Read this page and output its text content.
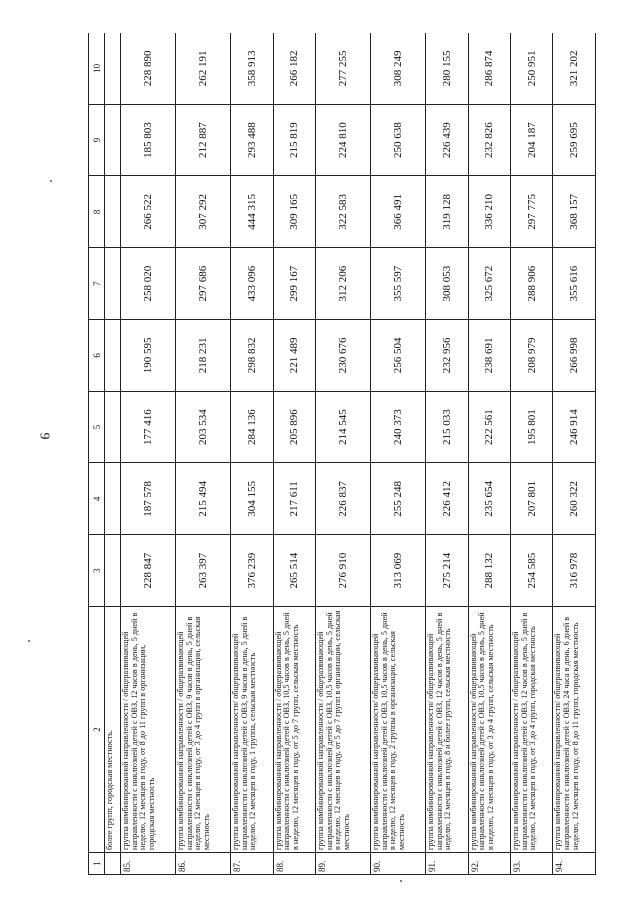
9
1	2	3	4	5	6	7	8	9	10
	более групп, городская местность.								
85.	группа комбинированной направленности / общеразвивающей направленности с инклюзией детей с ОВЗ, 12 часов в день, 5 дней в неделю, 12 месяцев в году, от 8 до 11 групп в организации, городская местность	228 847	187 578	177 416	190 595	258 020	266 522	185 803	228 890
86.	группа комбинированной направленности / общеразвивающей направленности с инклюзией детей с ОВЗ, 9 часов в день, 5 дней в неделю, 12 месяцев в году, от 3 до 4 групп в организации, сельская местность	263 397	215 494	203 534	218 231	297 686	307 292	212 887	262 191
87.	группа комбинированной направленности/ общеразвивающей направленности с инклюзией детей с ОВЗ, 9 часов в день, 5 дней в неделю, 12 месяцев в году, 1 группа, сельская местность	376 239	304 155	284 136	298 832	433 096	444 315	293 488	358 913
88.	группа комбинированной направленности / общеразвивающей направленности с инклюзией детей с ОВЗ, 10,5 часов в день, 5 дней в неделю, 12 месяцев в году, от 5 до 7 групп, сельская местность	265 514	217 611	205 896	221 489	299 167	309 165	215 819	266 182
89.	группа комбинированной направленности / общеразвивающей направленности с инклюзией детей с ОВЗ, 10,5 часов в день, 5 дней в неделю, 12 месяцев в году, от 5 до 7 групп в организации, сельская местность	276 910	226 837	214 545	230 676	312 206	322 583	224 810	277 255
90.	группа комбинированной направленности/ общеразвивающей направленности с инклюзией детей с ОВЗ, 10,5 часов в день, 5 дней в неделю, 12 месяцев в году, 2 группы в организации, сельская местность	313 069	255 248	240 373	256 504	355 597	366 491	250 638	308 249
91.	группа комбинированной направленности/ общеразвивающей направленности с инклюзией детей с ОВЗ, 12 часов в день, 5 дней в неделю, 12 месяцев в году, 8 и более групп, сельская местность	275 214	226 412	215 033	232 956	308 053	319 128	226 439	280 155
92.	группа комбинированной направленности/ общеразвивающей направленности с инклюзией детей с ОВЗ, 10,5 часов в день, 5 дней в неделю, 12 месяцев в году, от 3 до 4 групп, сельская местность	288 132	235 654	222 561	238 691	325 672	336 210	232 826	286 874
93.	группа комбинированной направленности / общеразвивающей направленности с инклюзией детей с ОВЗ, 12 часов в день, 5 дней в неделю, 12 месяцев в году, от 3 до 4 групп, городская местность	254 585	207 801	195 801	208 979	288 906	297 775	204 187	250 951
94.	группа комбинированной направленности/ общеразвивающей направленности с инклюзией детей с ОВЗ, 24 часа в день, 6 дней в неделю, 12 месяцев в году, от 8 до 11 групп, городская местность	316 978	260 322	246 914	266 998	355 616	368 157	259 695	321 202
